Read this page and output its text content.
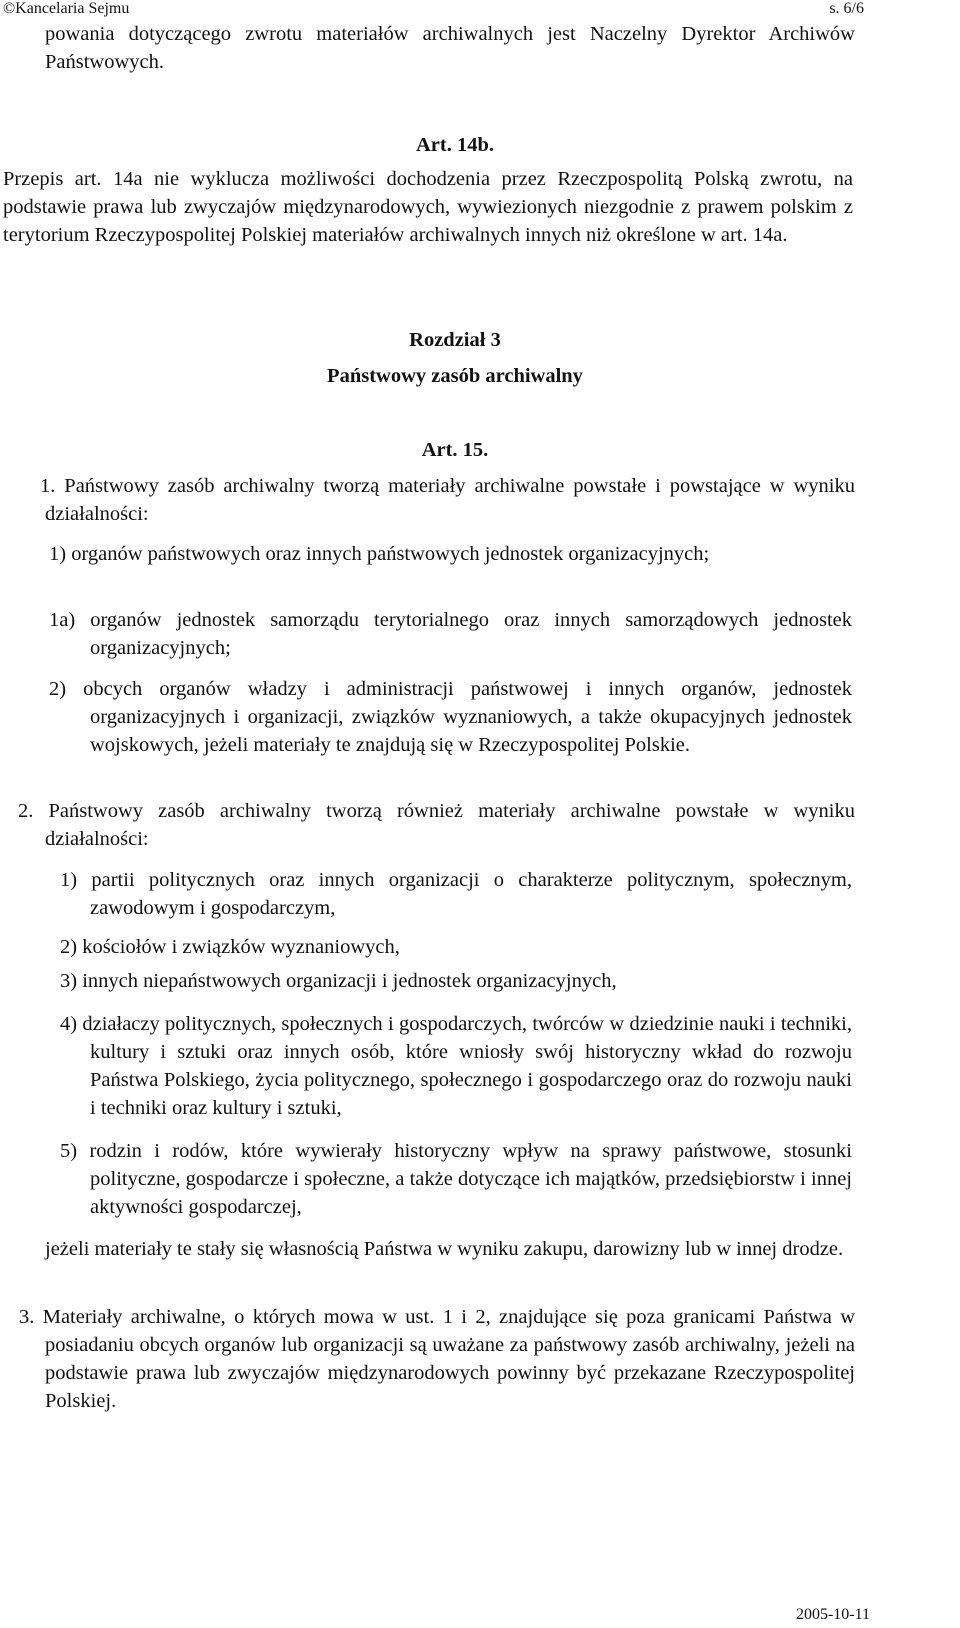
©Kancelaria Sejmu	s. 6/6

powania dotyczącego zwrotu materiałów archiwalnych jest Naczelny Dyrektor Archiwów Państwowych.

Art. 14b.

Przepis art. 14a nie wyklucza możliwości dochodzenia przez Rzeczpospolitą Polską zwrotu, na podstawie prawa lub zwyczajów międzynarodowych, wywiezionych niezgodnie z prawem polskim z terytorium Rzeczypospolitej Polskiej materiałów archiwalnych innych niż określone w art. 14a.

Rozdział 3

Państwowy zasób archiwalny

Art. 15.

1. Państwowy zasób archiwalny tworzą materiały archiwalne powstałe i powstające w wyniku działalności:

1) organów państwowych oraz innych państwowych jednostek organizacyjnych;

1a) organów jednostek samorządu terytorialnego oraz innych samorządowych jednostek organizacyjnych;

2) obcych organów władzy i administracji państwowej i innych organów, jednostek organizacyjnych i organizacji, związków wyznaniowych, a także okupacyjnych jednostek wojskowych, jeżeli materiały te znajdują się w Rzeczypospolitej Polskie.

2. Państwowy zasób archiwalny tworzą również materiały archiwalne powstałe w wyniku działalności:

1) partii politycznych oraz innych organizacji o charakterze politycznym, społecznym, zawodowym i gospodarczym,

2) kościołów i związków wyznaniowych,

3) innych niepaństwowych organizacji i jednostek organizacyjnych,

4) działaczy politycznych, społecznych i gospodarczych, twórców w dziedzinie nauki i techniki, kultury i sztuki oraz innych osób, które wniosły swój historyczny wkład do rozwoju Państwa Polskiego, życia politycznego, społecznego i gospodarczego oraz do rozwoju nauki i techniki oraz kultury i sztuki,

5) rodzin i rodów, które wywierały historyczny wpływ na sprawy państwowe, stosunki polityczne, gospodarcze i społeczne, a także dotyczące ich majątków, przedsiębiorstw i innej aktywności gospodarczej,

jeżeli materiały te stały się własnością Państwa w wyniku zakupu, darowizny lub w innej drodze.

3. Materiały archiwalne, o których mowa w ust. 1 i 2, znajdujące się poza granicami Państwa w posiadaniu obcych organów lub organizacji są uważane za państwowy zasób archiwalny, jeżeli na podstawie prawa lub zwyczajów międzynarodowych powinny być przekazane Rzeczypospolitej Polskiej.

2005-10-11
